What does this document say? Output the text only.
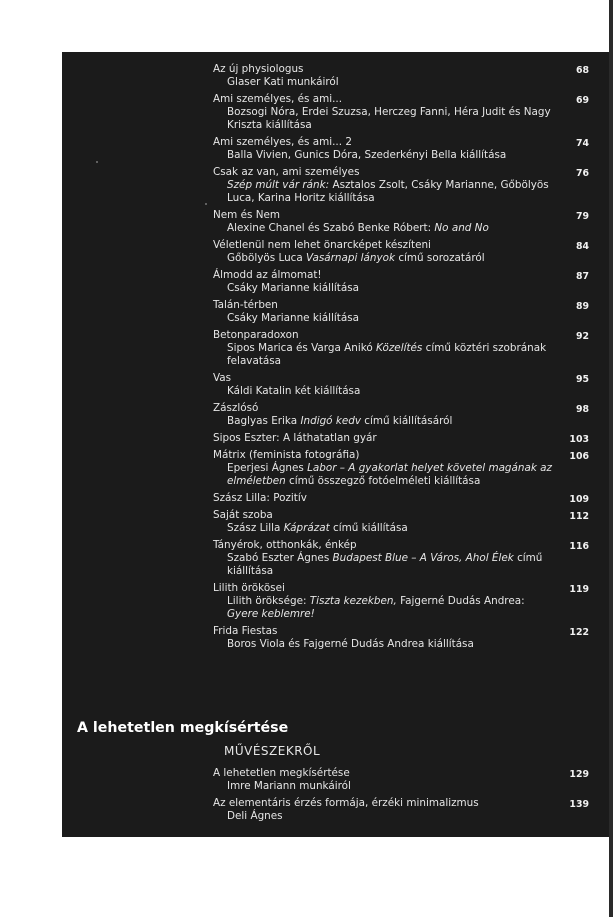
Az új physiologus
Glaser Kati munkáiról
68
Ami személyes, és ami...
Bozsogi Nóra, Erdei Szuzsa, Herczeg Fanni, Héra Judit és Nagy Kriszta kiállítása
69
Ami személyes, és ami... 2
Balla Vivien, Gunics Dóra, Szederkényi Bella kiállítása
74
Csak az van, ami személyes
Szép múlt vár ránk: Asztalos Zsolt, Csáky Marianne, Gőbölyös Luca, Karina Horitz kiállítása
76
Nem és Nem
Alexine Chanel és Szabó Benke Róbert: No and No
79
Véletlenül nem lehet önarcképet készíteni
Gőbölyös Luca Vasárnapi lányok című sorozatáról
84
Álmodd az álmomat!
Csáky Marianne kiállítása
87
Talán-térben
Csáky Marianne kiállítása
89
Betonparadoxon
Sipos Marica és Varga Anikó Közelítés című köztéri szobrának felavatása
92
Vas
Káldi Katalin két kiállítása
95
Zászlósó
Baglyas Erika Indigó kedv című kiállításáról
98
Sipos Eszter: A láthatatlan gyár	103
Mátrix (feminista fotográfia)
Eperjesi Ágnes Labor – A gyakorlat helyet követel magának az elméletben című összegző fotóelméleti kiállítása
106
Szász Lilla: Pozitív	109
Saját szoba
Szász Lilla Káprázat című kiállítása
112
Tányérok, otthonkák, énkép
Szabó Eszter Ágnes Budapest Blue – A Város, Ahol Élek című kiállítása
116
Lilith örökösei
Lilith öröksége: Tiszta kezekben, Fajgerné Dudás Andrea: Gyere keblemre!
119
Frida Fiestas
Boros Viola és Fajgerné Dudás Andrea kiállítása
122
A lehetetlen megkísértése
MŰVÉSZEKRŐL
A lehetetlen megkísértése
Imre Mariann munkáiról
129
Az elementáris érzés formája, érzéki minimalizmus
Deli Ágnes
139
